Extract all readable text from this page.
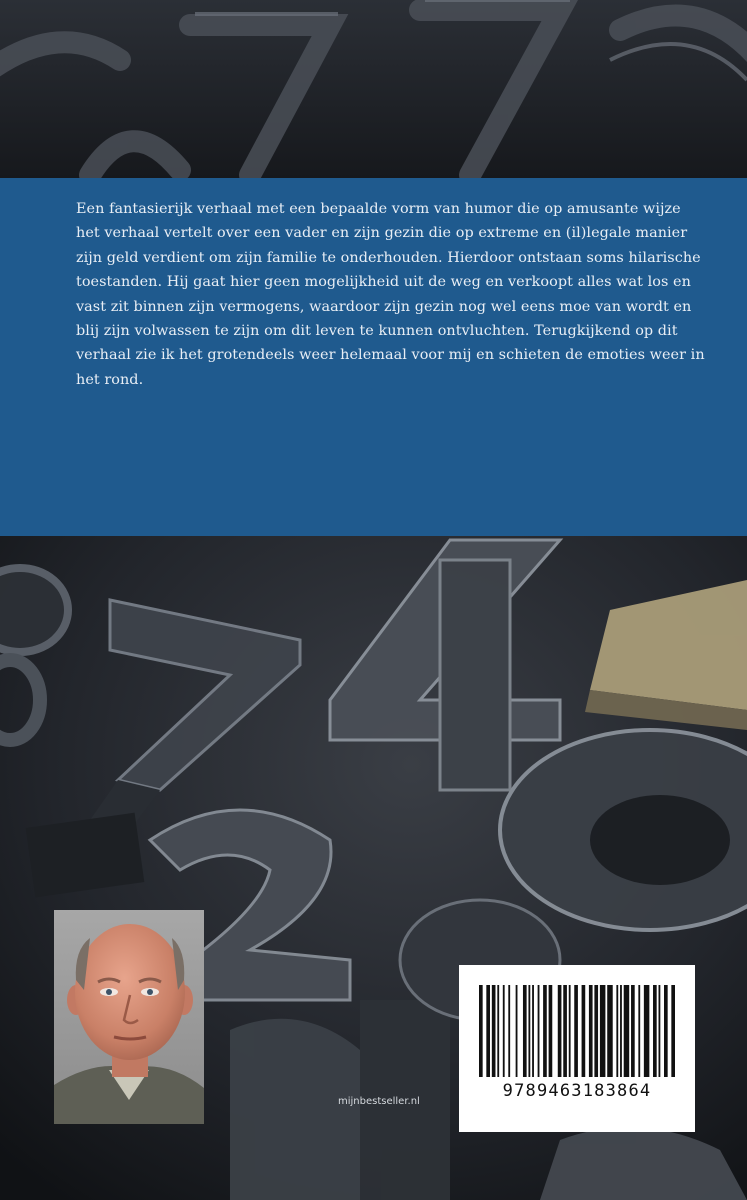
Een fantasierijk verhaal met een bepaalde vorm van humor die op amusante wijze het verhaal vertelt over een vader en zijn gezin die op extreme en (il)legale manier zijn geld verdient om zijn familie te onderhouden. Hierdoor ontstaan soms hilarische toestanden. Hij gaat hier geen mogelijkheid uit de weg en verkoopt alles wat los en vast zit binnen zijn vermogens, waardoor zijn gezin nog wel eens moe van wordt en blij zijn volwassen te zijn om dit leven te kunnen ontvluchten. Terugkijkend op dit verhaal zie ik het grotendeels weer helemaal voor mij en schieten de emoties weer in het rond.

mijnbestseller.nl
9789463183864
